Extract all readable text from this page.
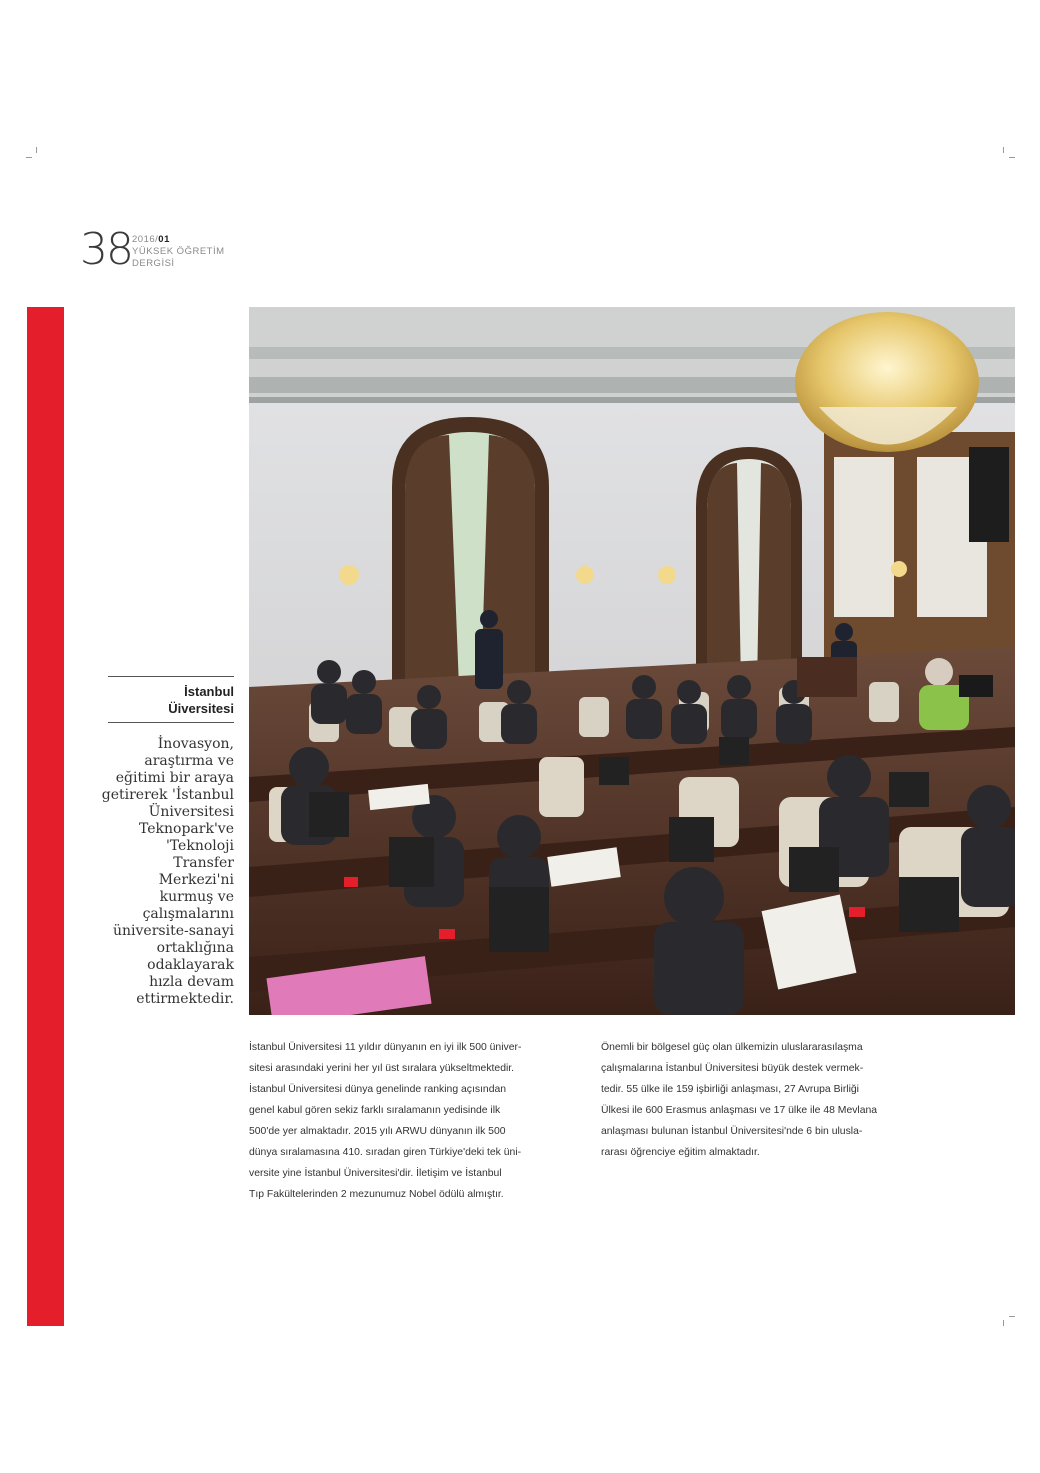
38 2016/01
YÜKSEK ÖĞRETİM
DERGİSİ
İstanbul
Üiversitesi
İnovasyon,
araştırma ve
eğitimi bir araya
getirerek 'İstanbul
Üniversitesi
Teknopark've
'Teknoloji
Transfer
Merkezi'ni
kurmuş ve
çalışmalarını
üniversite-sanayi
ortaklığına
odaklayarak
hızla devam
ettirmektedir.
İstanbul Üniversitesi 11 yıldır dünyanın en iyi ilk 500 üniver-
sitesi arasındaki yerini her yıl üst sıralara yükseltmektedir.
İstanbul Üniversitesi dünya genelinde ranking açısından
genel kabul gören sekiz farklı sıralamanın yedisinde ilk
500'de yer almaktadır. 2015 yılı ARWU dünyanın ilk 500
dünya sıralamasına 410. sıradan giren Türkiye'deki tek üni-
versite yine İstanbul Üniversitesi'dir. İletişim ve İstanbul
Tıp Fakültelerinden 2 mezunumuz Nobel ödülü almıştır.
Önemli bir bölgesel güç olan ülkemizin uluslararasılaşma
çalışmalarına İstanbul Üniversitesi büyük destek vermek-
tedir. 55 ülke ile 159 işbirliği anlaşması, 27 Avrupa Birliği
Ülkesi ile 600 Erasmus anlaşması ve 17 ülke ile 48 Mevlana
anlaşması bulunan İstanbul Üniversitesi'nde 6 bin ulusla-
rarası öğrenciye eğitim almaktadır.
